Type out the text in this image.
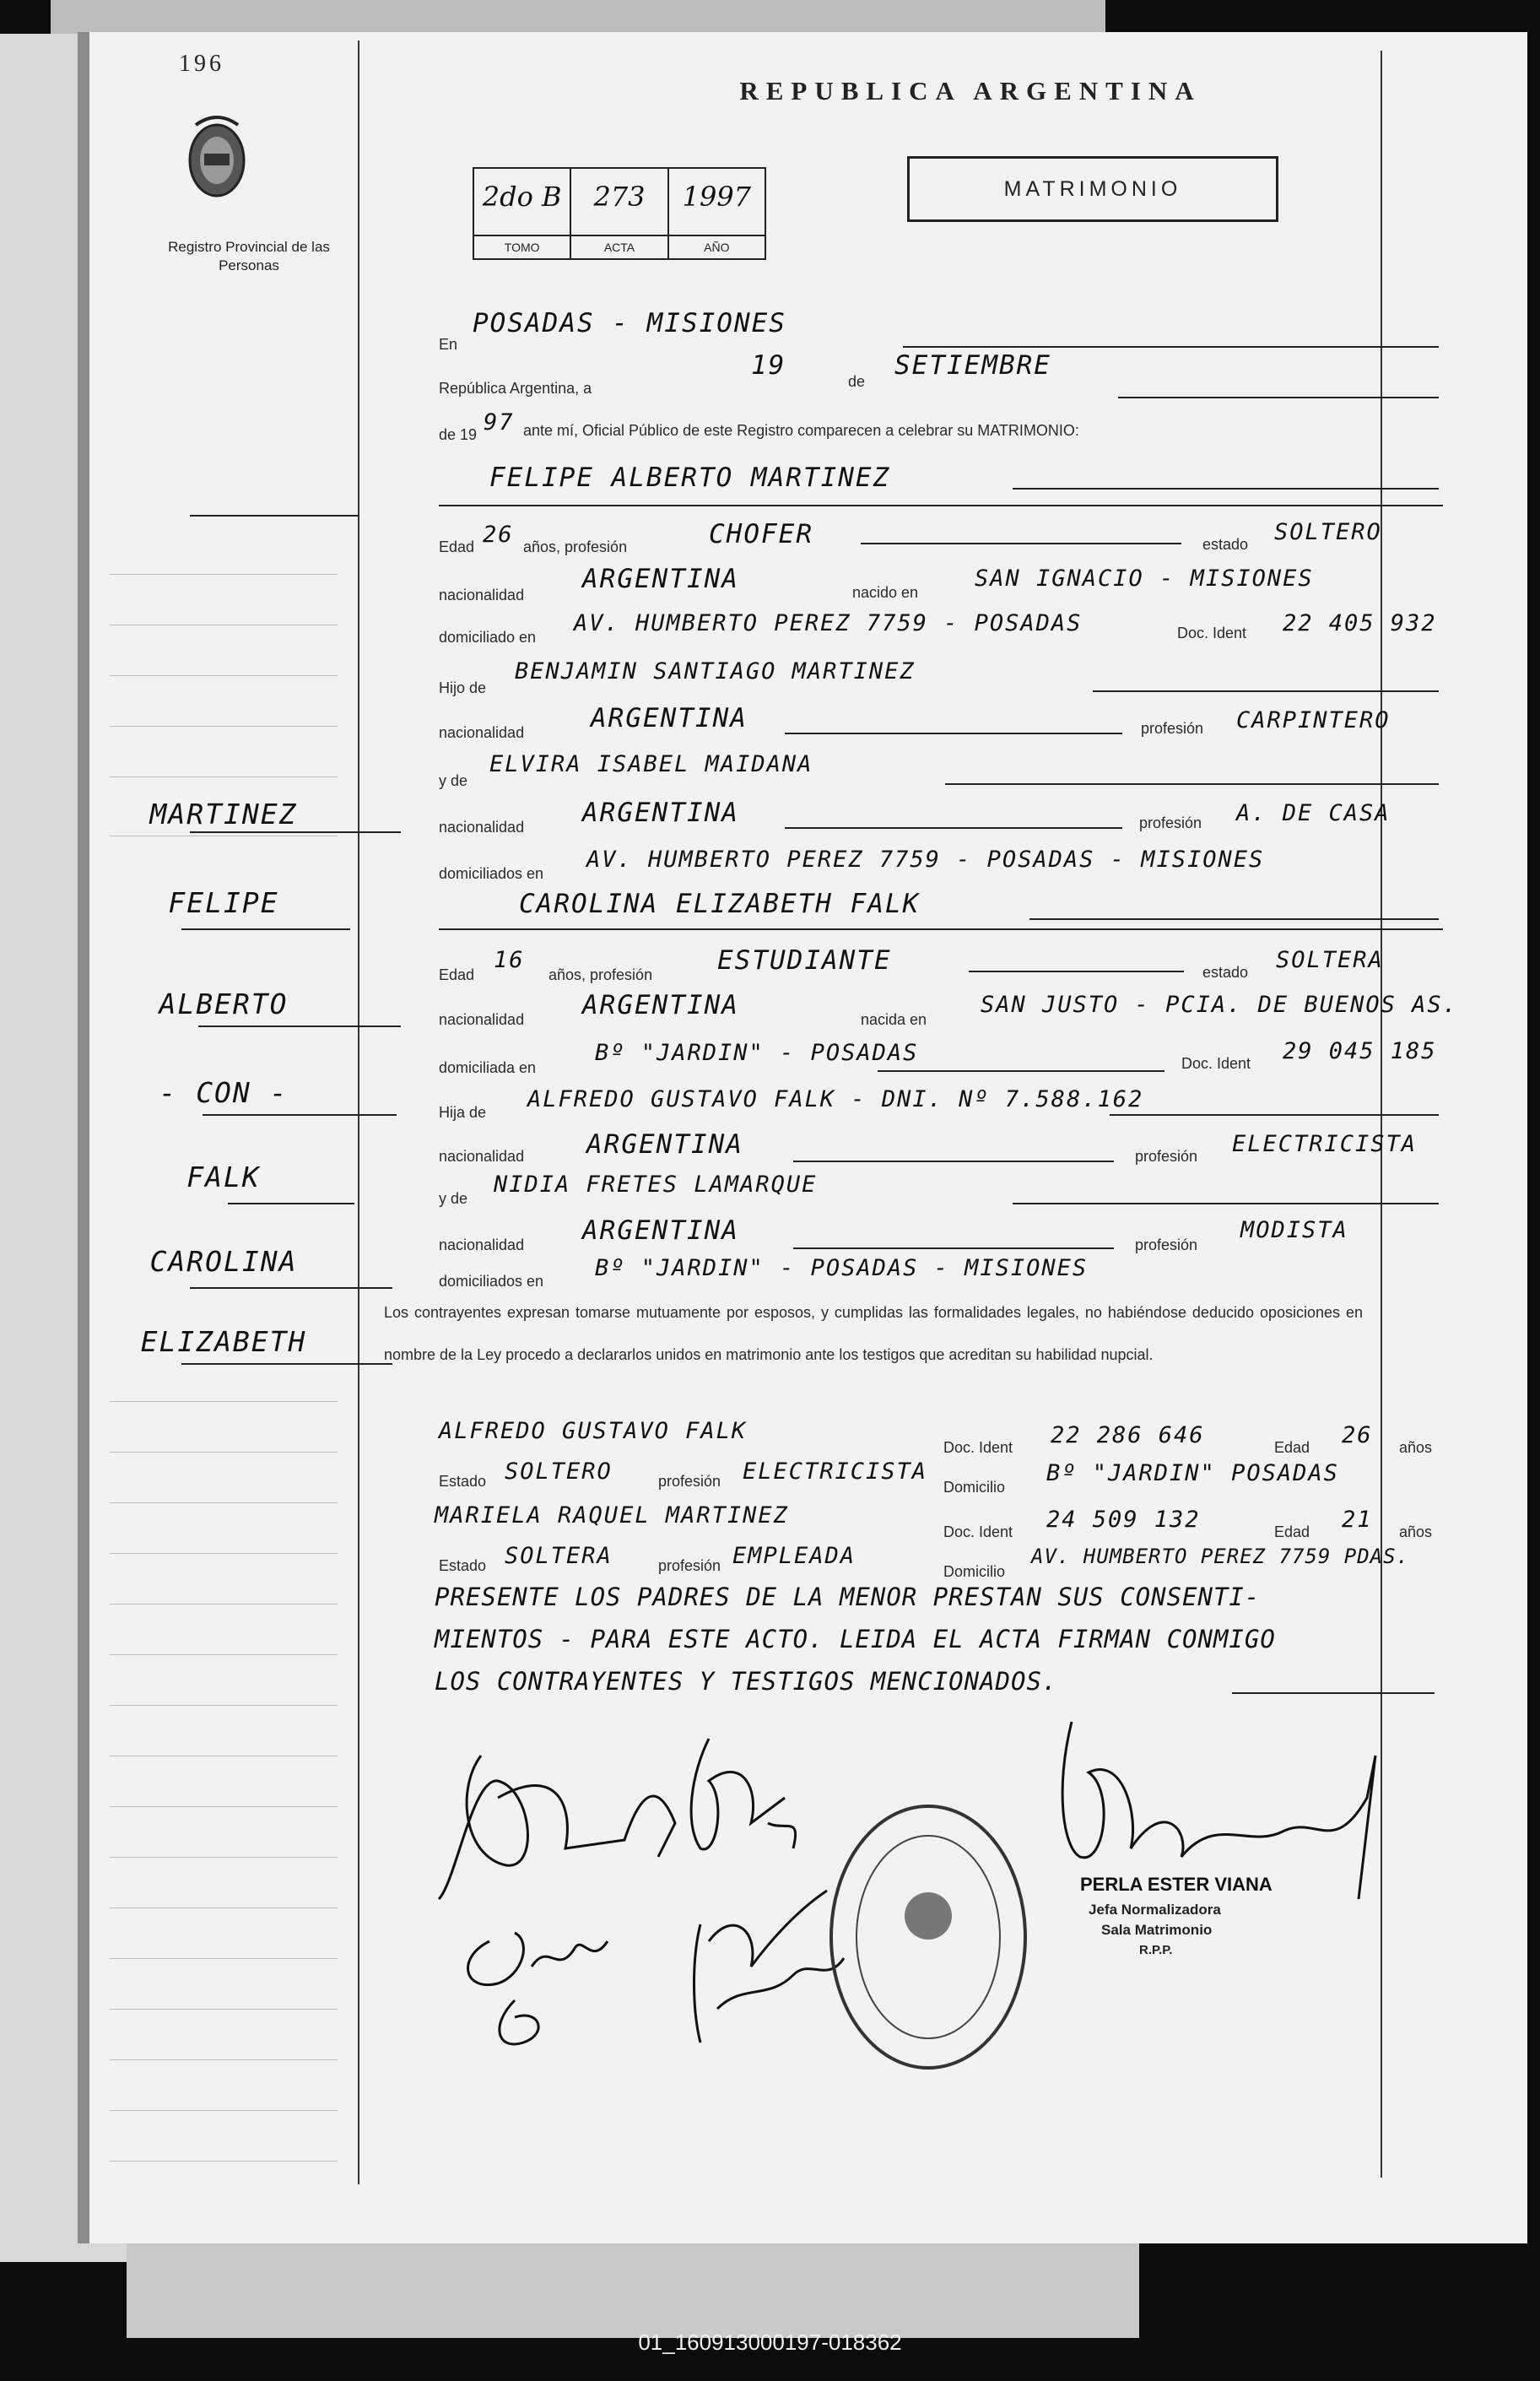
196
Registro Provincial de las Personas
REPUBLICA ARGENTINA
MATRIMONIO
2do B
TOMO
273
ACTA
1997
AÑO
En
POSADAS - MISIONES
República Argentina, a
19
de
SETIEMBRE
de 19 97 ante mí, Oficial Público de este Registro comparecen a celebrar su MATRIMONIO:
FELIPE ALBERTO MARTINEZ
Edad 26 años, profesión	CHOFER	estado SOLTERO
nacionalidad
ARGENTINA	nacido en
SAN IGNACIO - MISIONES
domiciliado en
AV. HUMBERTO PEREZ 7759 - POSADAS	Doc. Ident 22 405 932
Hijo de
BENJAMIN SANTIAGO MARTINEZ
nacionalidad	ARGENTINA	profesión CARPINTERO
y de
ELVIRA ISABEL MAIDANA
nacionalidad ARGENTINA	profesión A. DE CASA
domiciliados en
AV. HUMBERTO PEREZ 7759 - POSADAS - MISIONES
CAROLINA ELIZABETH FALK
Edad
16
años, profesión ESTUDIANTE	estado SOLTERA
nacionalidad ARGENTINA	nacida en
SAN JUSTO - PCIA. DE BUENOS AS.
domiciliada en
Bº "JARDIN" - POSADAS	Doc. Ident 29 045 185
Hija de ALFREDO GUSTAVO FALK - DNI. Nº 7.588.162
nacionalidad ARGENTINA	profesión ELECTRICISTA
y de
NIDIA FRETES LAMARQUE
nacionalidad ARGENTINA	profesión
MODISTA
domiciliados en Bº "JARDIN" - POSADAS - MISIONES
Los contrayentes expresan tomarse mutuamente por esposos, y cumplidas las formalidades legales, no habiéndose deducido oposiciones en nombre de la Ley procedo a declararlos unidos en matrimonio ante los testigos que acreditan su habilidad nupcial.
ALFREDO GUSTAVO FALK
Doc. Ident 22 286 646	Edad 26 años
Estado SOLTERO	profesión ELECTRICISTA
Domicilio
Bº "JARDIN" POSADAS
MARIELA RAQUEL MARTINEZ
Doc. Ident 24 509 132	Edad 21 años
Estado SOLTERA	profesión EMPLEADA
Domicilio
AV. HUMBERTO PEREZ 7759 PDAS.
PRESENTE LOS PADRES DE LA MENOR PRESTAN SUS CONSENTI-
MIENTOS - PARA ESTE ACTO. LEIDA EL ACTA FIRMAN CONMIGO
LOS CONTRAYENTES Y TESTIGOS MENCIONADOS.
MARTINEZ
FELIPE
ALBERTO
- CON -
FALK
CAROLINA
ELIZABETH
PERLA ESTER VIANA
Jefa Normalizadora
Sala Matrimonio
R.P.P.
01_160913000197-018362
